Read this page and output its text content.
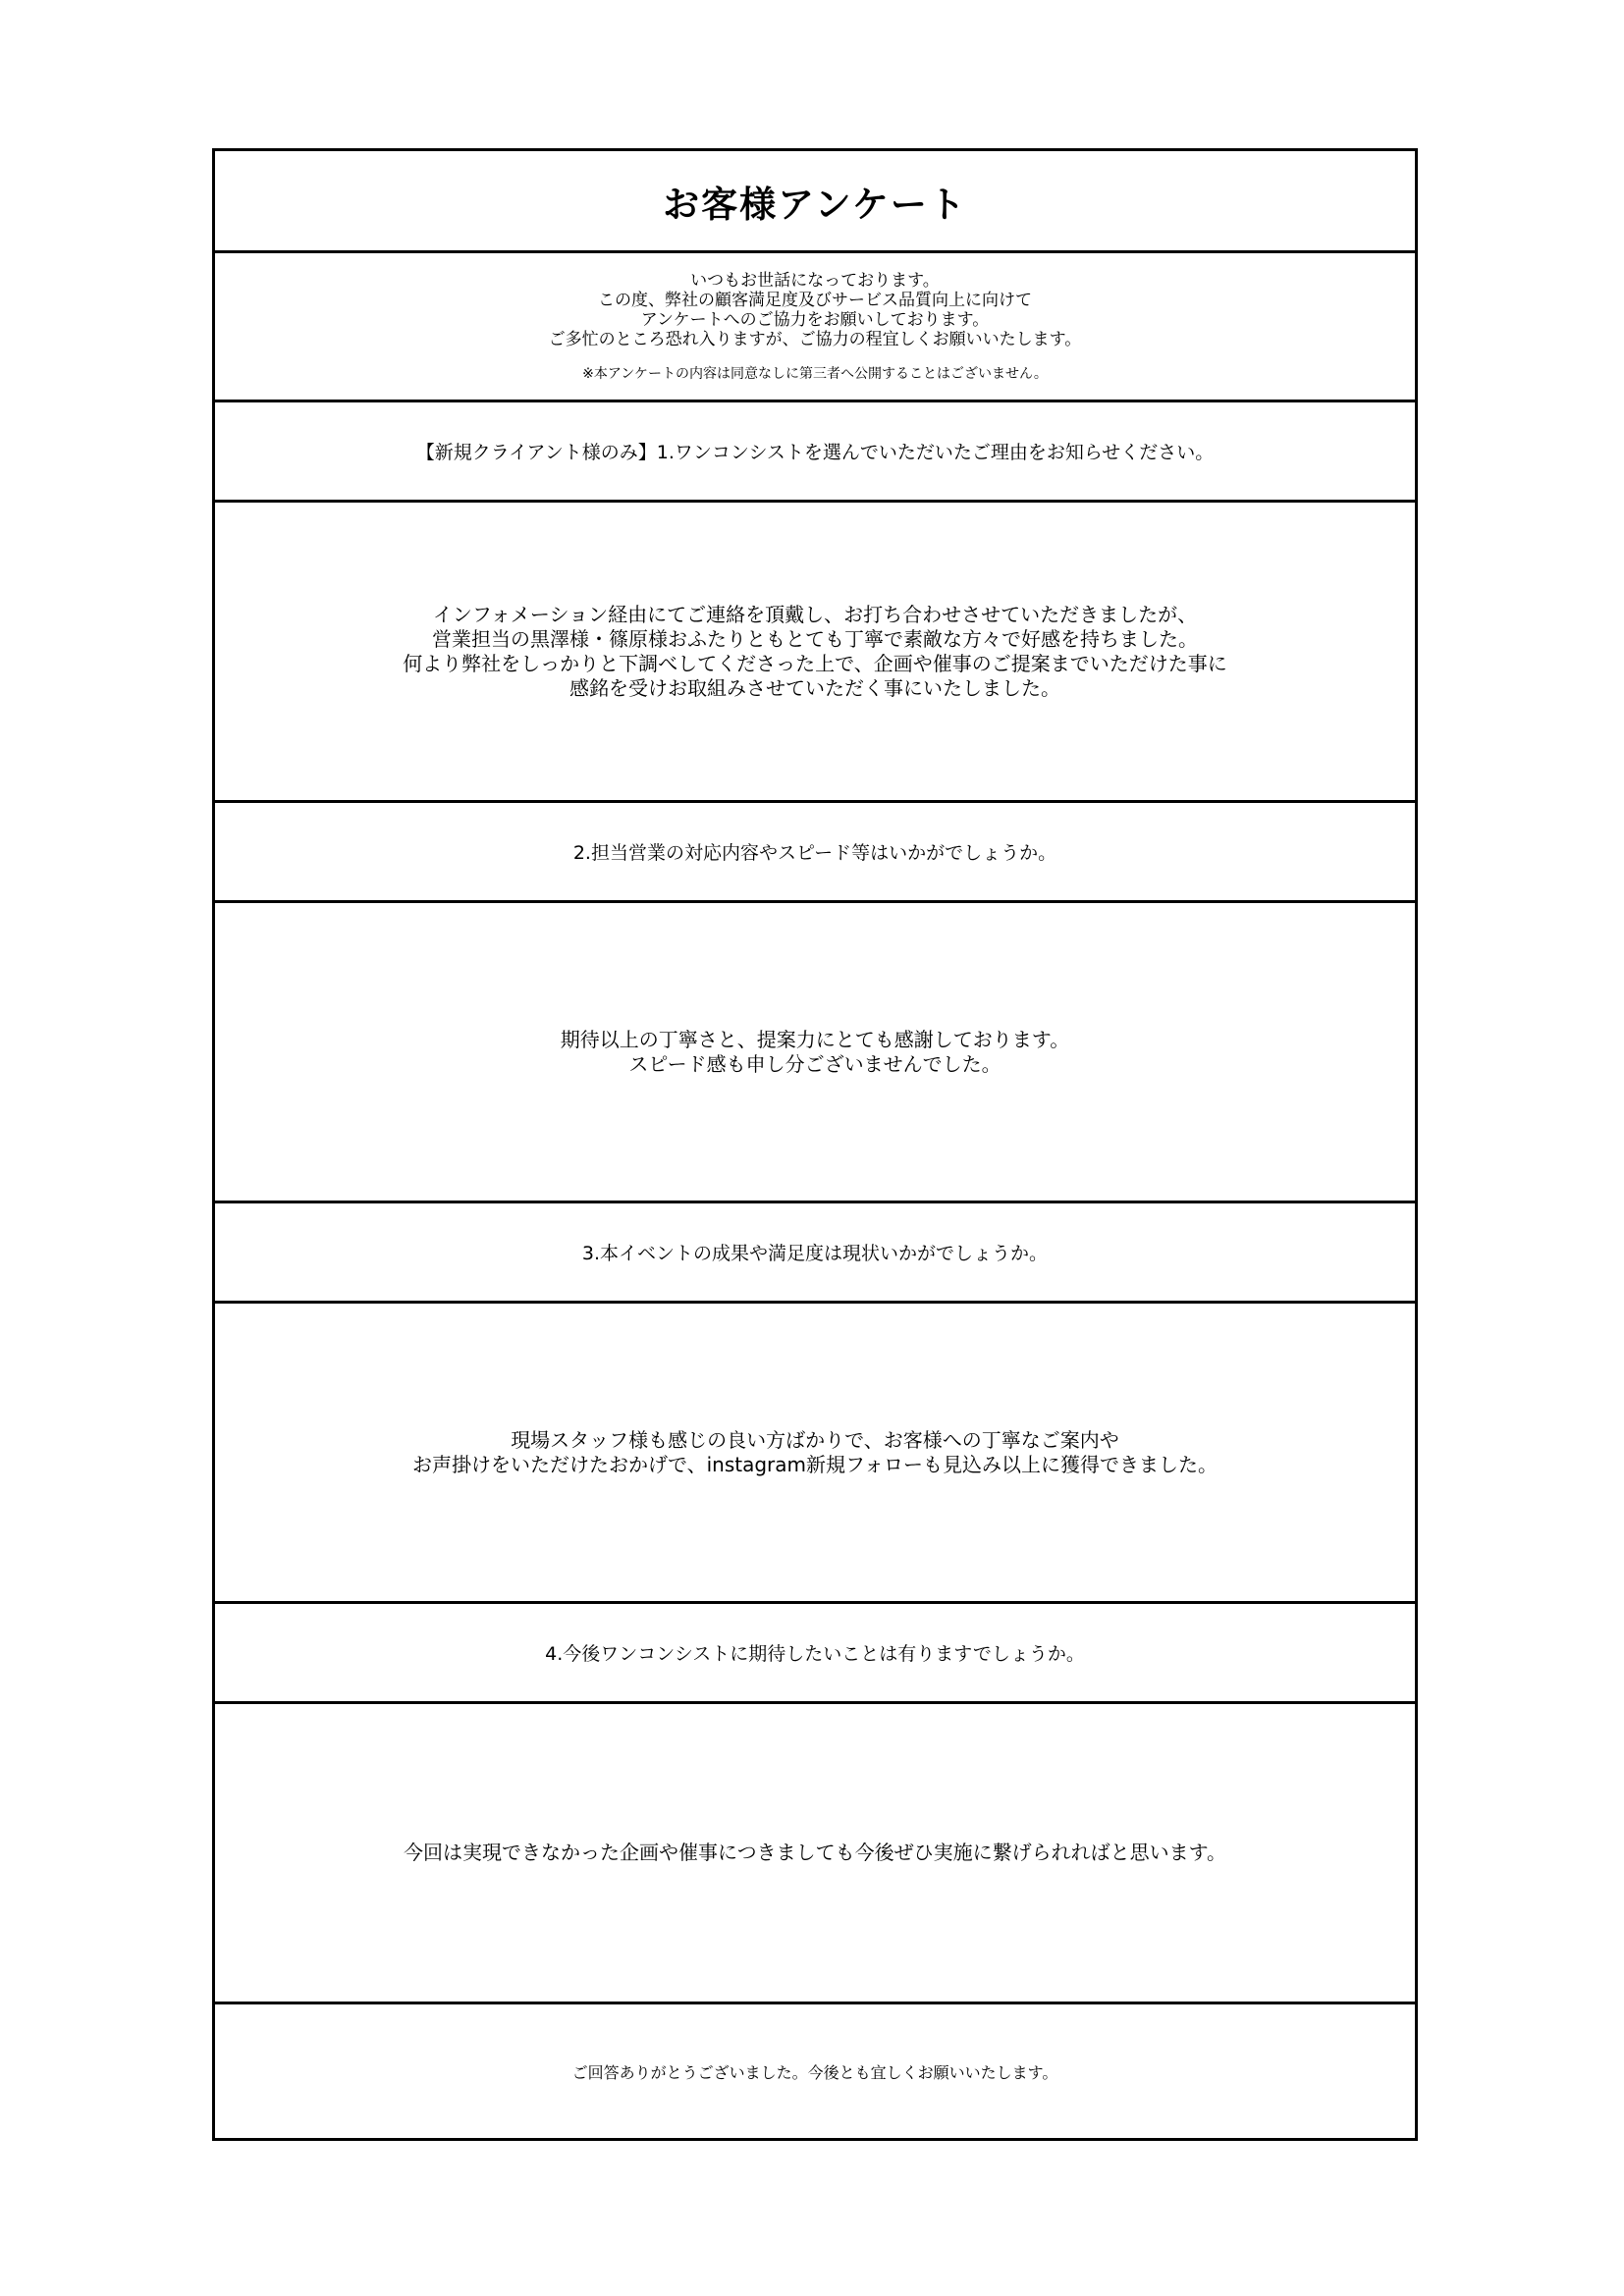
お客様アンケート
いつもお世話になっております。
この度、弊社の顧客満足度及びサービス品質向上に向けて
アンケートへのご協力をお願いしております。
ご多忙のところ恐れ入りますが、ご協力の程宜しくお願いいたします。
※本アンケートの内容は同意なしに第三者へ公開することはございません。
【新規クライアント様のみ】1.ワンコンシストを選んでいただいたご理由をお知らせください。
インフォメーション経由にてご連絡を頂戴し、お打ち合わせさせていただきましたが、
営業担当の黒澤様・篠原様おふたりともとても丁寧で素敵な方々で好感を持ちました。
何より弊社をしっかりと下調べしてくださった上で、企画や催事のご提案までいただけた事に
感銘を受けお取組みさせていただく事にいたしました。
2.担当営業の対応内容やスピード等はいかがでしょうか。
期待以上の丁寧さと、提案力にとても感謝しております。
スピード感も申し分ございませんでした。
3.本イベントの成果や満足度は現状いかがでしょうか。
現場スタッフ様も感じの良い方ばかりで、お客様への丁寧なご案内や
お声掛けをいただけたおかげで、instagram新規フォローも見込み以上に獲得できました。
4.今後ワンコンシストに期待したいことは有りますでしょうか。
今回は実現できなかった企画や催事につきましても今後ぜひ実施に繋げられればと思います。
ご回答ありがとうございました。今後とも宜しくお願いいたします。
